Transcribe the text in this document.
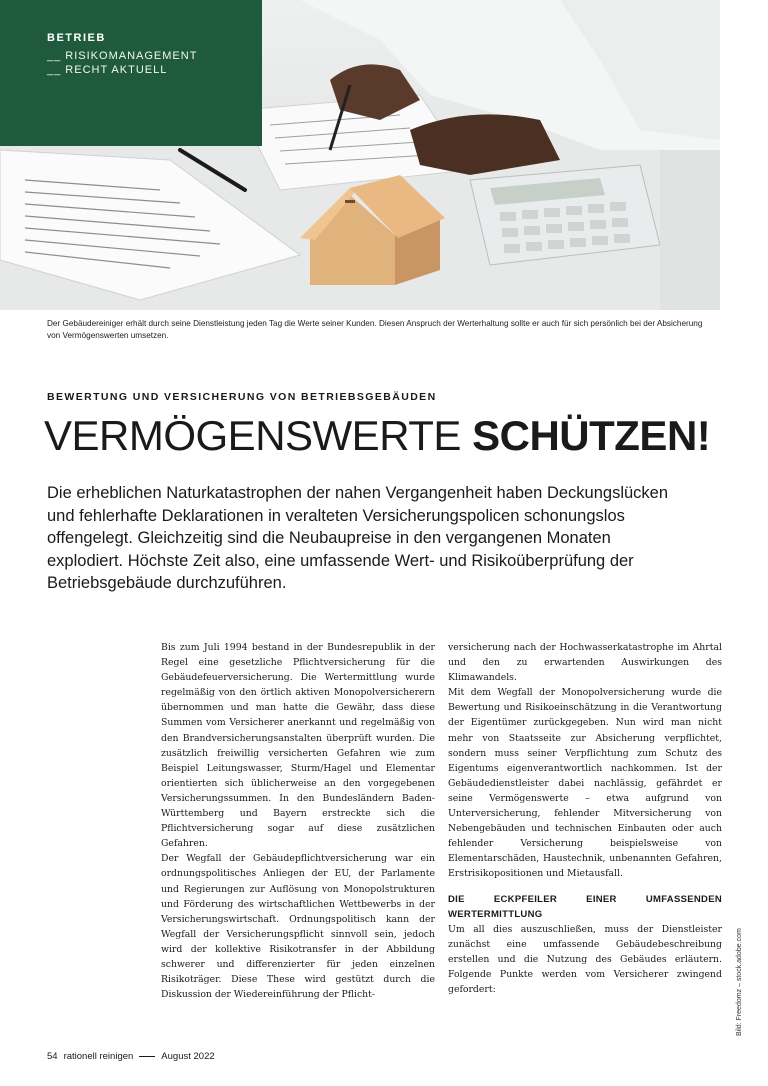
BETRIEB
__ RISIKOMANAGEMENT
__ RECHT AKTUELL
Der Gebäudereiniger erhält durch seine Dienstleistung jeden Tag die Werte seiner Kunden. Diesen Anspruch der Werterhaltung sollte er auch für sich persönlich bei der Absicherung von Vermögenswerten umsetzen.
BEWERTUNG UND VERSICHERUNG VON BETRIEBSGEBÄUDEN
VERMÖGENSWERTE SCHÜTZEN!
Die erheblichen Naturkatastrophen der nahen Vergangenheit haben Deckungslücken und fehlerhafte Deklarationen in veralteten Versicherungspolicen schonungslos offengelegt. Gleichzeitig sind die Neubaupreise in den vergangenen Monaten explodiert. Höchste Zeit also, eine umfassende Wert- und Risikoüberprüfung der Betriebsgebäude durchzuführen.

Bis zum Juli 1994 bestand in der Bundesrepublik in der Regel eine gesetzliche Pflichtversicherung für die Gebäudefeuerversicherung. Die Wertermittlung wurde regelmäßig von den örtlich aktiven Monopolversicherern übernommen und man hatte die Gewähr, dass diese Summen vom Versicherer anerkannt und regelmäßig von den Brandversicherungsanstalten überprüft wurden. Die zusätzlich freiwillig versicherten Gefahren wie zum Beispiel Leitungswasser, Sturm/Hagel und Elementar orientierten sich üblicherweise an den vorgegebenen Versicherungssummen. In den Bundesländern Baden-Württemberg und Bayern erstreckte sich die Pflichtversicherung sogar auf diese zusätzlichen Gefahren.

Der Wegfall der Gebäudepflichtversicherung war ein ordnungspolitisches Anliegen der EU, der Parlamente und Regierungen zur Auflösung von Monopolstrukturen und Förderung des wirtschaftlichen Wettbewerbs in der Versicherungswirtschaft. Ordnungspolitisch kann der Wegfall der Versicherungspflicht sinnvoll sein, jedoch wird der kollektive Risikotransfer in der Abbildung schwerer und differenzierter für jeden einzelnen Risikoträger. Diese These wird gestützt durch die Diskussion der Wiedereinführung der Pflicht-

versicherung nach der Hochwasserkatastrophe im Ahrtal und den zu erwartenden Auswirkungen des Klimawandels.

Mit dem Wegfall der Monopolversicherung wurde die Bewertung und Risikoeinschätzung in die Verantwortung der Eigentümer zurückgegeben. Nun wird man nicht mehr von Staatsseite zur Absicherung verpflichtet, sondern muss seiner Verpflichtung zum Schutz des Eigentums eigenverantwortlich nachkommen. Ist der Gebäudedienstleister dabei nachlässig, gefährdet er seine Vermögenswerte – etwa aufgrund von Unterversicherung, fehlender Mitversicherung von Nebengebäuden und technischen Einbauten oder auch fehlender Versicherung beispielsweise von Elementarschäden, Haustechnik, unbenannten Gefahren, Erstrisikopositionen und Mietausfall.

DIE ECKPFEILER EINER UMFASSENDEN WERTERMITTLUNG

Um all dies auszuschließen, muss der Dienstleister zunächst eine umfassende Gebäudebeschreibung erstellen und die Nutzung des Gebäudes erläutern. Folgende Punkte werden vom Versicherer zwingend gefordert:	Bild: Freedomz – stock.adobe.com
54 rationell reinigen	August 2022
